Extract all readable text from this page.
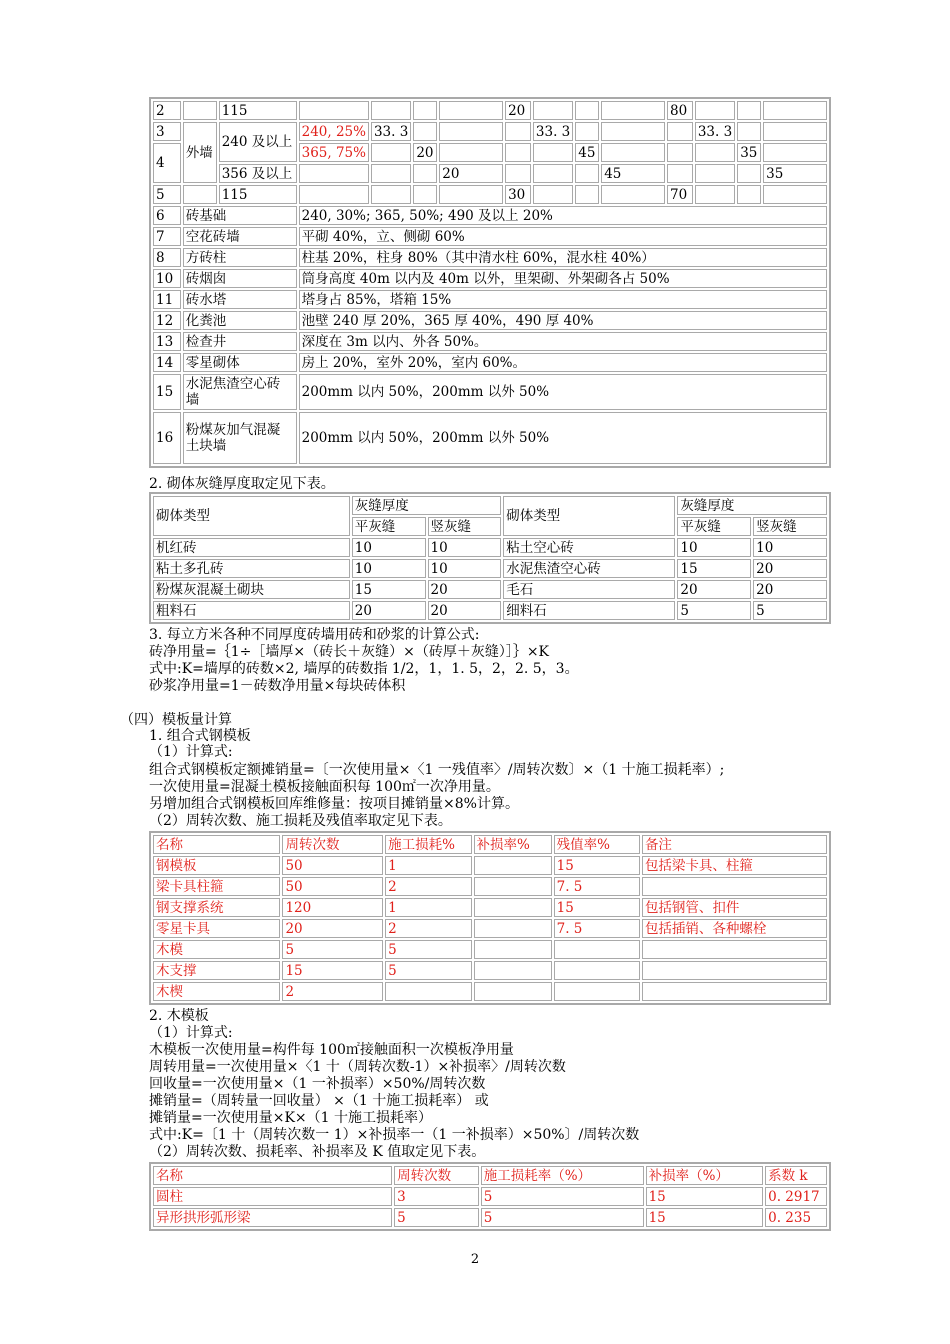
2		115					20				80			
3	外墙	240 及以上	240, 25%	33. 3				33. 3				33. 3		
4			365, 75%		20				45				35	
		356 及以上				20				45				35
5		115					30				70			
6	砖基础		240, 30%; 365, 50%; 490 及以上 20%											
7	空花砖墙		平砌 40%，立、侧砌 60%											
8	方砖柱		柱基 20%，柱身 80%（其中清水柱 60%，混水柱 40%）											
10	砖烟囱		筒身高度 40m 以内及 40m 以外，里架砌、外架砌各占 50%											
11	砖水塔		塔身占 85%，塔箱 15%											
12	化粪池		池壁 240 厚 20%，365 厚 40%，490 厚 40%											
13	检查井		深度在 3m 以内、外各 50%。											
14	零星砌体		房上 20%，室外 20%，室内 60%。											
15	水泥焦渣空心砖墙		200mm 以内 50%，200mm 以外 50%											
16	粉煤灰加气混凝土块墙		200mm 以内 50%，200mm 以外 50%											
2. 砌体灰缝厚度取定见下表。
砌体类型	灰缝厚度		砌体类型	灰缝厚度	
	平灰缝	竖灰缝		平灰缝	竖灰缝
机红砖	10	10	粘土空心砖	10	10
粘土多孔砖	10	10	水泥焦渣空心砖	15	20
粉煤灰混凝土砌块	15	20	毛石	20	20
粗料石	20	20	细料石	5	5
3. 每立方米各种不同厚度砖墙用砖和砂浆的计算公式:
砖净用量=｛1÷［墙厚×（砖长＋灰缝）×（砖厚＋灰缝）］｝×K
式中:K=墙厚的砖数×2, 墙厚的砖数指 1/2，1，1. 5，2，2. 5，3。
砂浆净用量=1－砖数净用量×每块砖体积
（四）模板量计算
1. 组合式钢模板
（1）计算式:
组合式钢模板定额摊销量=〔一次使用量×〈1 一残值率〉/周转次数〕×（1 十施工损耗率）;
一次使用量=混凝土模板接触面积每 100㎡一次净用量。
另增加组合式钢模板回库维修量：按项目摊销量×8%计算。
（2）周转次数、施工损耗及残值率取定见下表。
名称	周转次数	施工损耗%	补损率%	残值率%	备注
钢模板	50	1		15	包括梁卡具、柱箍
梁卡具柱箍	50	2		7. 5	
钢支撑系统	120	1		15	包括钢管、扣件
零星卡具	20	2		7. 5	包括插销、各种螺栓
木模	5	5			
木支撑	15	5			
木楔	2				
2. 木模板
（1）计算式:
木模板一次使用量=构件每 100㎡接触面积一次模板净用量
周转用量=一次使用量×〈1 十（周转次数-1）×补损率〉/周转次数
回收量=一次使用量×（1 一补损率）×50%/周转次数
摊销量=（周转量一回收量） ×（1 十施工损耗率） 或
摊销量=一次使用量×K×（1 十施工损耗率）
式中:K=〔1 十（周转次数一 1）×补损率一（1 一补损率）×50%〕/周转次数
（2）周转次数、损耗率、补损率及 K 值取定见下表。
名称	周转次数	施工损耗率（%）	补损率（%）	系数 k
圆柱	3	5	15	0. 2917
异形拱形弧形梁	5	5	15	0. 235
2
